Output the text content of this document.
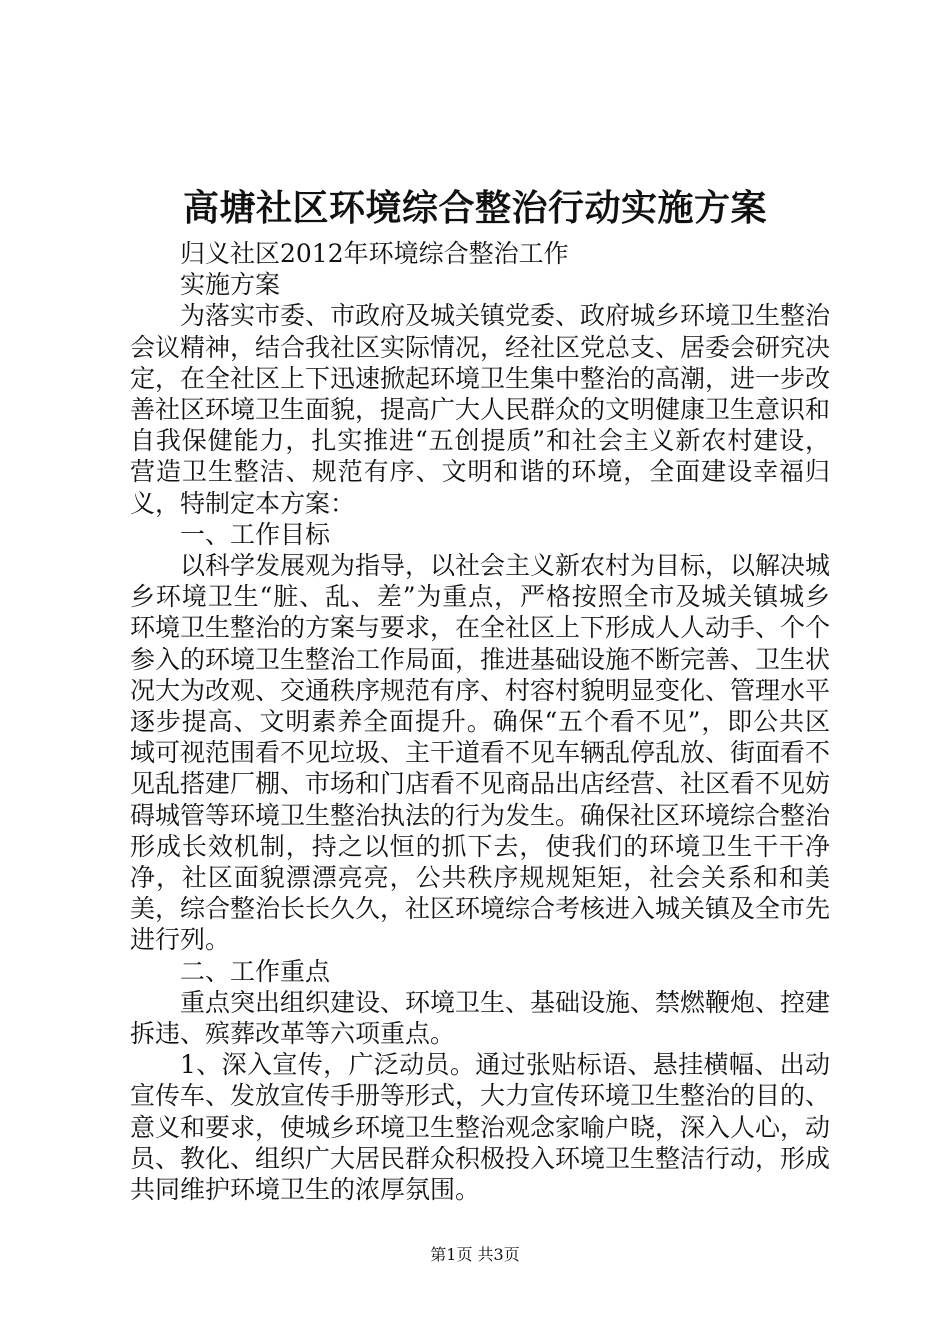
高塘社区环境综合整治行动实施方案

归义社区2012年环境综合整治工作

实施方案

为落实市委、市政府及城关镇党委、政府城乡环境卫生整治会议精神，结合我社区实际情况，经社区党总支、居委会研究决定，在全社区上下迅速掀起环境卫生集中整治的高潮，进一步改善社区环境卫生面貌，提高广大人民群众的文明健康卫生意识和自我保健能力，扎实推进“五创提质”和社会主义新农村建设，营造卫生整洁、规范有序、文明和谐的环境，全面建设幸福归义，特制定本方案：

一、工作目标

以科学发展观为指导，以社会主义新农村为目标，以解决城乡环境卫生“脏、乱、差”为重点，严格按照全市及城关镇城乡环境卫生整治的方案与要求，在全社区上下形成人人动手、个个参入的环境卫生整治工作局面，推进基础设施不断完善、卫生状况大为改观、交通秩序规范有序、村容村貌明显变化、管理水平逐步提高、文明素养全面提升。确保“五个看不见”，即公共区域可视范围看不见垃圾、主干道看不见车辆乱停乱放、街面看不见乱搭建厂棚、市场和门店看不见商品出店经营、社区看不见妨碍城管等环境卫生整治执法的行为发生。确保社区环境综合整治形成长效机制，持之以恒的抓下去，使我们的环境卫生干干净净，社区面貌漂漂亮亮，公共秩序规规矩矩，社会关系和和美美，综合整治长长久久，社区环境综合考核进入城关镇及全市先进行列。

二、工作重点

重点突出组织建设、环境卫生、基础设施、禁燃鞭炮、控建拆违、殡葬改革等六项重点。

1、深入宣传，广泛动员。通过张贴标语、悬挂横幅、出动宣传车、发放宣传手册等形式，大力宣传环境卫生整治的目的、意义和要求，使城乡环境卫生整治观念家喻户晓，深入人心，动员、教化、组织广大居民群众积极投入环境卫生整洁行动，形成共同维护环境卫生的浓厚氛围。

第1页 共3页
